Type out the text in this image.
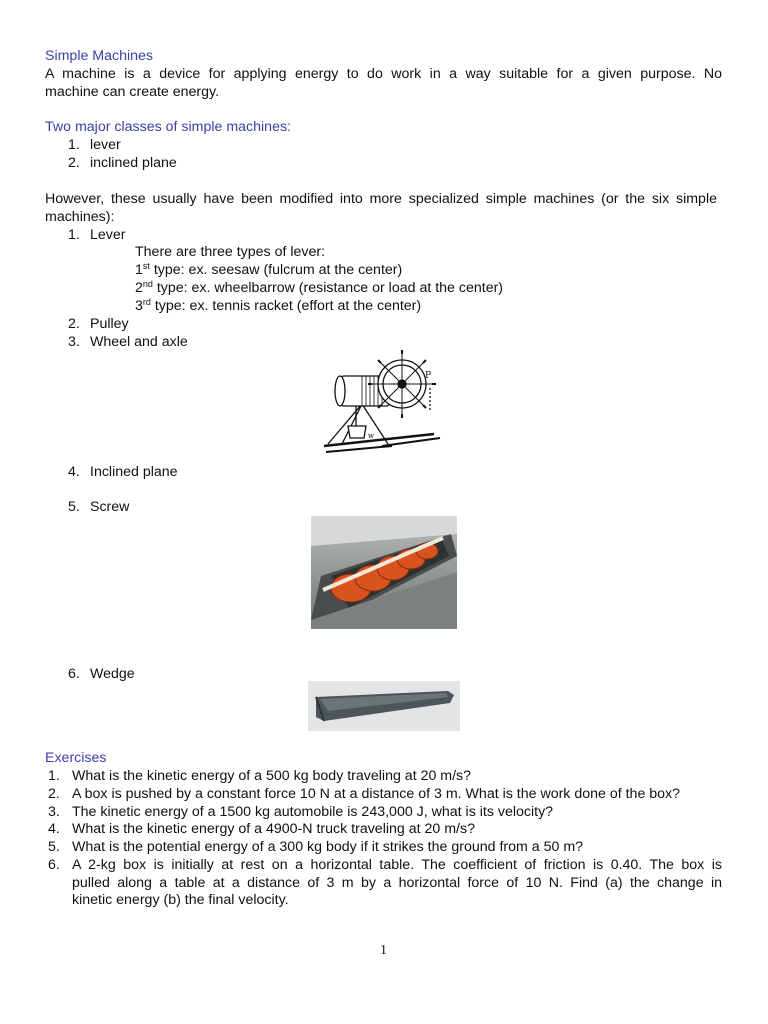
Simple Machines
A machine is a device for applying energy to do work in a way suitable for a given purpose. No
machine can create energy.
Two major classes of simple machines:
1. lever
2. inclined plane
However, these usually have been modified into more specialized simple machines (or the six simple
machines):
1. Lever
There are three types of lever:
1st type: ex. seesaw (fulcrum at the center)
2nd type: ex. wheelbarrow (resistance or load at the center)
3rd type: ex. tennis racket (effort at the center)
2. Pulley
3. Wheel and axle
P
w
4. Inclined plane
5. Screw
6. Wedge
Exercises
1. What is the kinetic energy of a 500 kg body traveling at 20 m/s?
2. A box is pushed by a constant force 10 N at a distance of 3 m. What is the work done of the box?
3. The kinetic energy of a 1500 kg automobile is 243,000 J, what is its velocity?
4. What is the kinetic energy of a 4900-N truck traveling at 20 m/s?
5. What is the potential energy of a 300 kg body if it strikes the ground from a 50 m?
6. A 2-kg box is initially at rest on a horizontal table. The coefficient of friction is 0.40. The box is
pulled along a table at a distance of 3 m by a horizontal force of 10 N. Find (a) the change in
kinetic energy (b) the final velocity.
1
